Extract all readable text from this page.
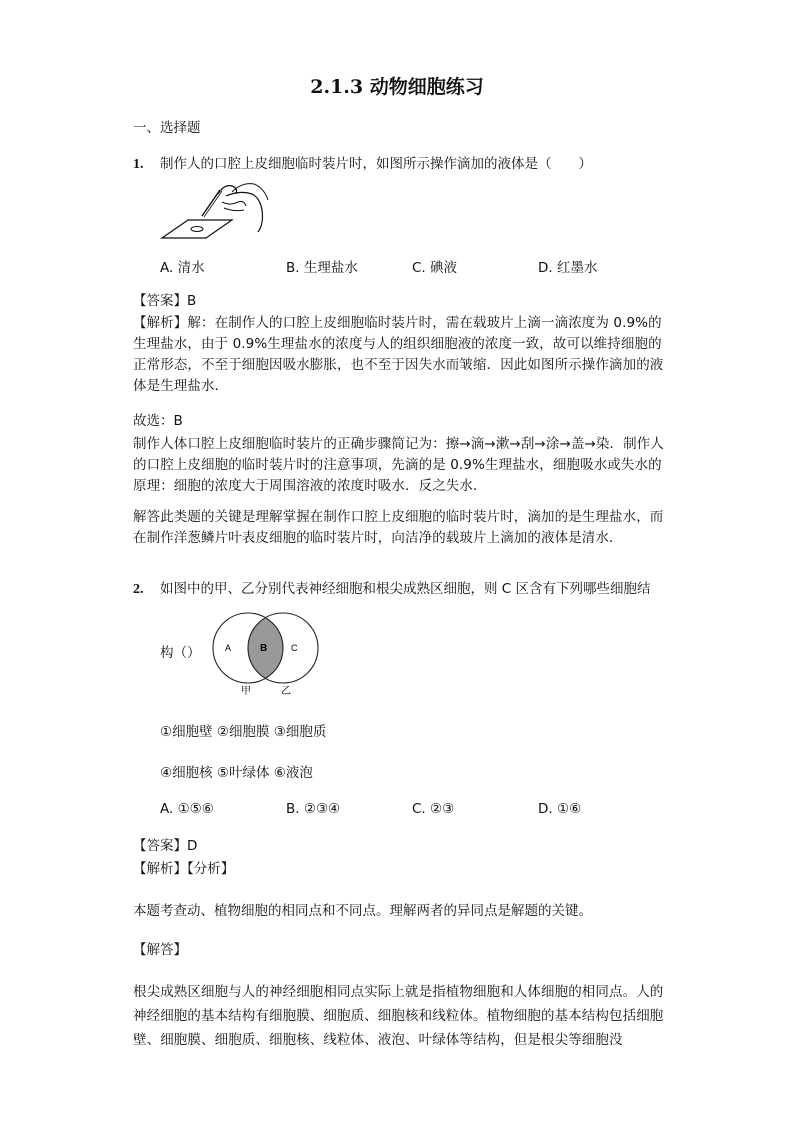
2.1.3 动物细胞练习
一、选择题
1. 制作人的口腔上皮细胞临时装片时，如图所示操作滴加的液体是（　　）
A. 清水	B. 生理盐水	C. 碘液	D. 红墨水
【答案】B
【解析】解：在制作人的口腔上皮细胞临时装片时，需在载玻片上滴一滴浓度为 0.9%的生理盐水，由于 0.9%生理盐水的浓度与人的组织细胞液的浓度一致，故可以维持细胞的正常形态，不至于细胞因吸水膨胀，也不至于因失水而皱缩．因此如图所示操作滴加的液体是生理盐水．
故选：B
制作人体口腔上皮细胞临时装片的正确步骤简记为：擦→滴→漱→刮→涂→盖→染．制作人的口腔上皮细胞的临时装片时的注意事项，先滴的是 0.9%生理盐水，细胞吸水或失水的原理：细胞的浓度大于周围溶液的浓度时吸水．反之失水．
解答此类题的关键是理解掌握在制作口腔上皮细胞的临时装片时，滴加的是生理盐水，而在制作洋葱鳞片叶表皮细胞的临时装片时，向洁净的载玻片上滴加的液体是清水．
2. 如图中的甲、乙分别代表神经细胞和根尖成熟区细胞，则 C 区含有下列哪些细胞结
构（）	A	B	C
甲	乙
①细胞壁 ②细胞膜 ③细胞质
④细胞核 ⑤叶绿体 ⑥液泡
A. ①⑤⑥	B. ②③④	C. ②③	D. ①⑥
【答案】D
【解析】【分析】
本题考查动、植物细胞的相同点和不同点。理解两者的异同点是解题的关键。
【解答】
根尖成熟区细胞与人的神经细胞相同点实际上就是指植物细胞和人体细胞的相同点。人的神经细胞的基本结构有细胞膜、细胞质、细胞核和线粒体。植物细胞的基本结构包括细胞壁、细胞膜、细胞质、细胞核、线粒体、液泡、叶绿体等结构，但是根尖等细胞没
